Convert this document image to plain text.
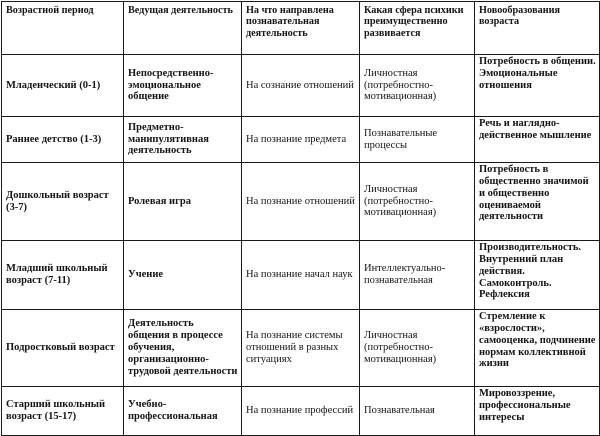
Возрастной период	Ведущая деятельность	На что направлена познавательная деятельность	Какая сфера психики преимущественно развивается	Новообразования возраста
Младенческий (0-1)	Непосредственно-эмоциональное общение	На сознание отношений	Личностная (потребностно-мотивационная)	Потребность в общении. Эмоциональные отношения
Раннее детство (1-3)	Предметно-манипулятивная деятельность	На познание предмета	Познавательные процессы	Речь и наглядно-действенное мышление
Дошкольный возраст (3-7)	Ролевая игра	На познание отношений	Личностная (потребностно-мотивационная)	Потребность в общественно значимой и общественно оцениваемой деятельности
Младший школьный возраст (7-11)	Учение	На познание начал наук	Интеллектуально-познавательная	Производительность. Внутренний план действия. Самоконтроль. Рефлексия
Подростковый возраст	Деятельность общения в процессе обучения, организационно-трудовой деятельности	На познание системы отношений в разных ситуациях	Личностная (потребностно-мотивационная)	Стремление к «взрослости», самооценка, подчинение нормам коллективной жизни
Старший школьный возраст (15-17)	Учебно-профессиональная	На познание профессий	Познавательная	Мировоззрение, профессиональные интересы
